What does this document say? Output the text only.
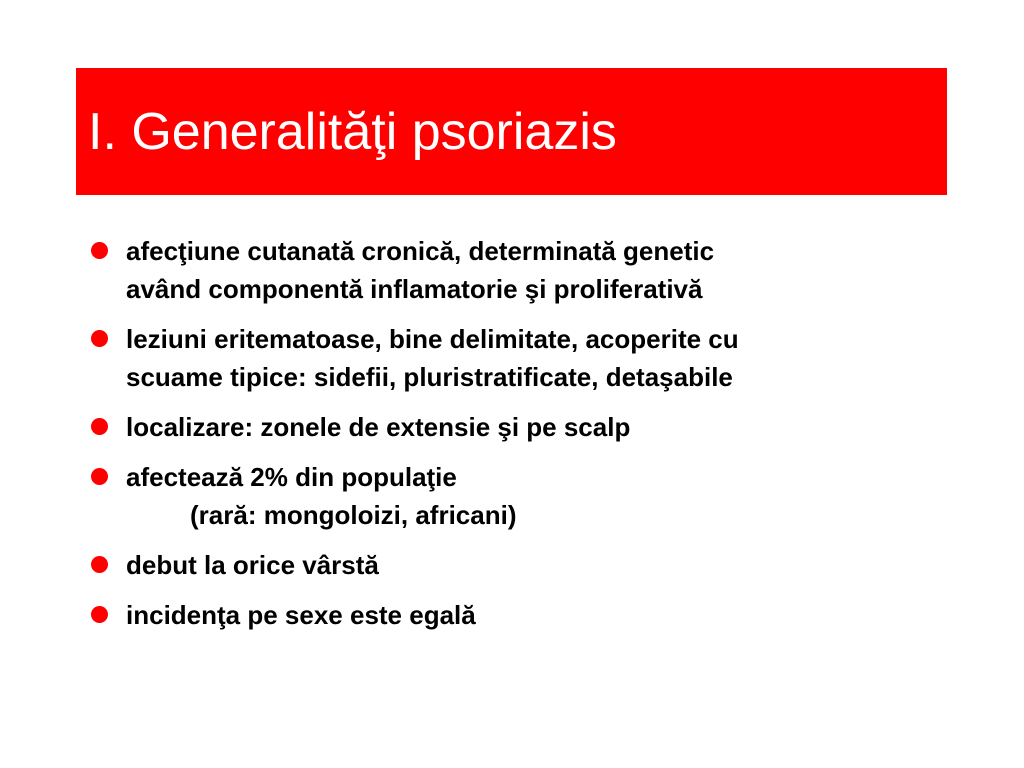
I. Generalităţi psoriazis
afecţiune cutanată cronică, determinată genetic
având componentă inflamatorie şi proliferativă
leziuni eritematoase, bine delimitate, acoperite cu
scuame tipice: sidefii, pluristratificate, detaşabile
localizare: zonele de extensie şi pe scalp
afectează 2% din populaţie
(rară: mongoloizi, africani)
debut la orice vârstă
incidenţa pe sexe este egală
